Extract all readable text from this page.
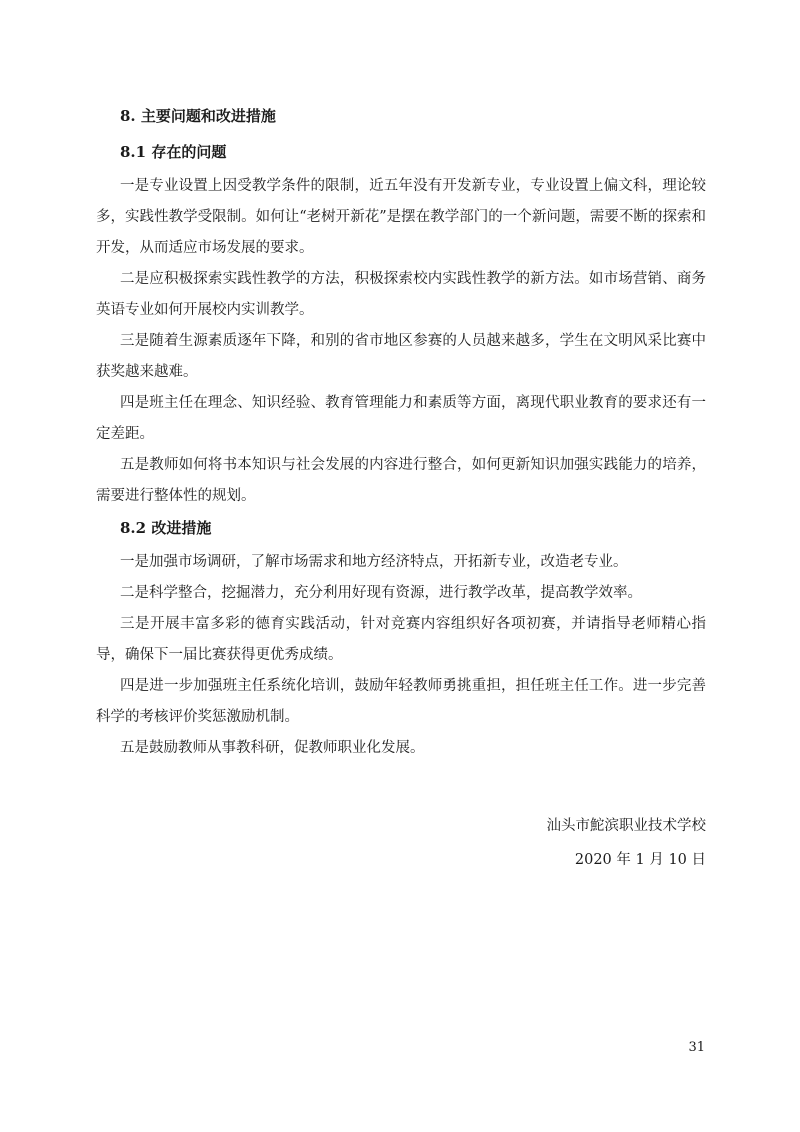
8. 主要问题和改进措施

8.1 存在的问题

一是专业设置上因受教学条件的限制，近五年没有开发新专业，专业设置上偏文科，理论较多，实践性教学受限制。如何让“老树开新花”是摆在教学部门的一个新问题，需要不断的探索和开发，从而适应市场发展的要求。

二是应积极探索实践性教学的方法，积极探索校内实践性教学的新方法。如市场营销、商务英语专业如何开展校内实训教学。

三是随着生源素质逐年下降，和别的省市地区参赛的人员越来越多，学生在文明风采比赛中获奖越来越难。

四是班主任在理念、知识经验、教育管理能力和素质等方面，离现代职业教育的要求还有一定差距。

五是教师如何将书本知识与社会发展的内容进行整合，如何更新知识加强实践能力的培养，需要进行整体性的规划。

8.2 改进措施

一是加强市场调研，了解市场需求和地方经济特点，开拓新专业，改造老专业。

二是科学整合，挖掘潜力，充分利用好现有资源，进行教学改革，提高教学效率。

三是开展丰富多彩的德育实践活动，针对竞赛内容组织好各项初赛，并请指导老师精心指导，确保下一届比赛获得更优秀成绩。

四是进一步加强班主任系统化培训，鼓励年轻教师勇挑重担，担任班主任工作。进一步完善科学的考核评价奖惩激励机制。

五是鼓励教师从事教科研，促教师职业化发展。

汕头市鮀滨职业技术学校

2020 年 1 月 10 日

31
